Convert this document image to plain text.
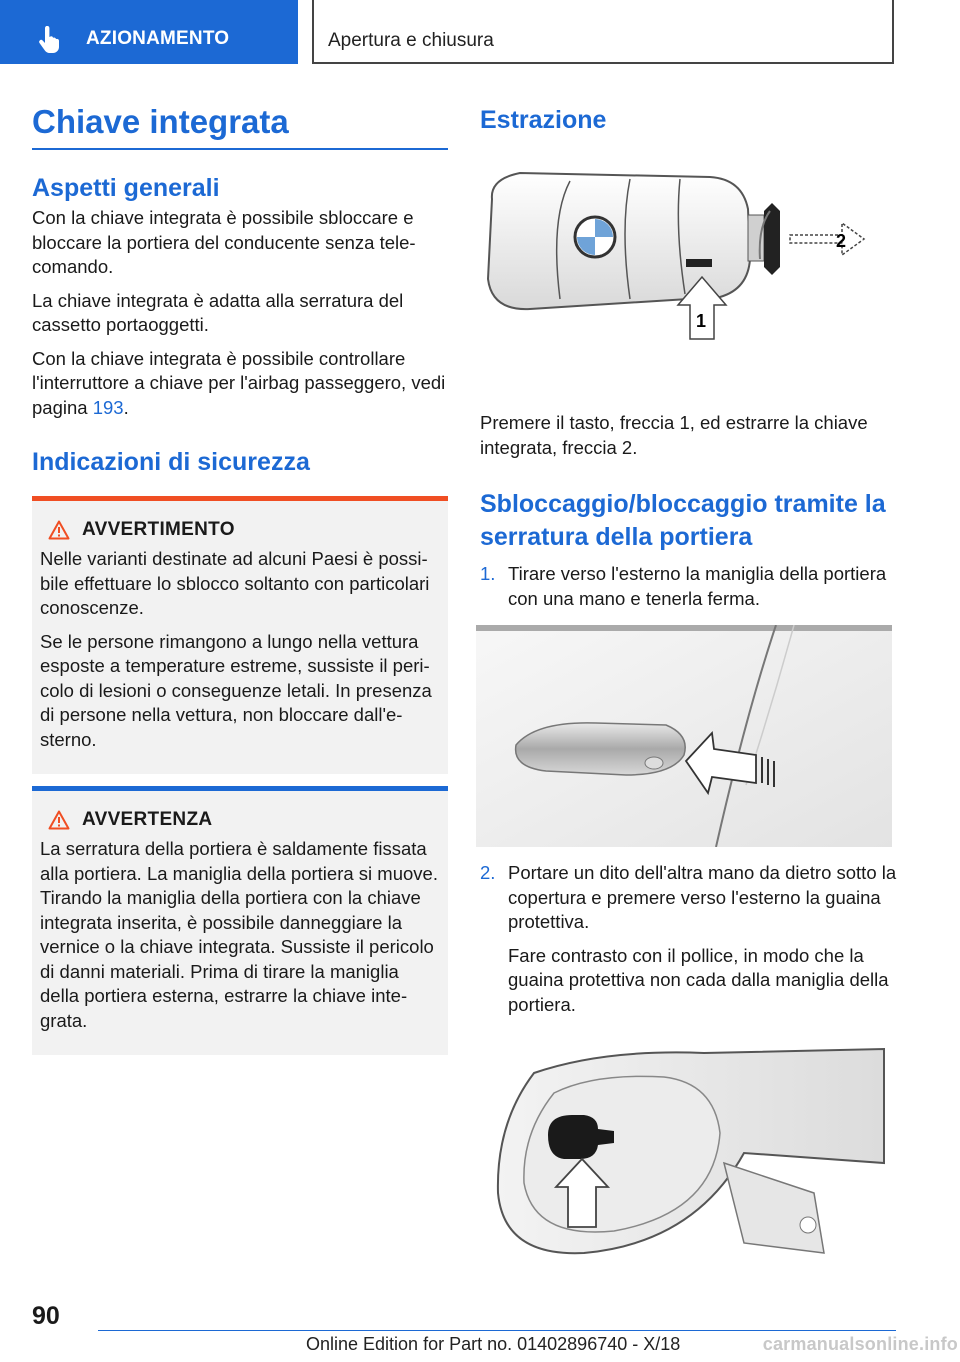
AZIONAMENTO	Apertura e chiusura
Chiave integrata
Aspetti generali

Con la chiave integrata è possibile sbloccare e bloccare la portiera del conducente senza tele-comando.

La chiave integrata è adatta alla serratura del cassetto portaoggetti.

Con la chiave integrata è possibile controllare l'interruttore a chiave per l'airbag passeggero, vedi pagina 193.

Indicazioni di sicurezza
AVVERTIMENTO

Nelle varianti destinate ad alcuni Paesi è possi-bile effettuare lo sblocco soltanto con particolari conoscenze.

Se le persone rimangono a lungo nella vettura esposte a temperature estreme, sussiste il peri-colo di lesioni o conseguenze letali. In presenza di persone nella vettura, non bloccare dall'e-sterno.

AVVERTENZA

La serratura della portiera è saldamente fissata alla portiera. La maniglia della portiera si muove. Tirando la maniglia della portiera con la chiave integrata inserita, è possibile danneggiare la vernice o la chiave integrata. Sussiste il pericolo di danni materiali. Prima di tirare la maniglia della portiera esterna, estrarre la chiave inte-grata.

Estrazione
2
1

Premere il tasto, freccia 1, ed estrarre la chiave integrata, freccia 2.

Sbloccaggio/bloccaggio tramite la serratura della portiera
1. Tirare verso l'esterno la maniglia della portiera con una mano e tenerla ferma.

2. Portare un dito dell'altra mano da dietro sotto la copertura e premere verso l'esterno la guaina protettiva.

Fare contrasto con il pollice, in modo che la guaina protettiva non cada dalla maniglia della portiera.

90
Online Edition for Part no. 01402896740 - X/18	carmanualsonline.info
